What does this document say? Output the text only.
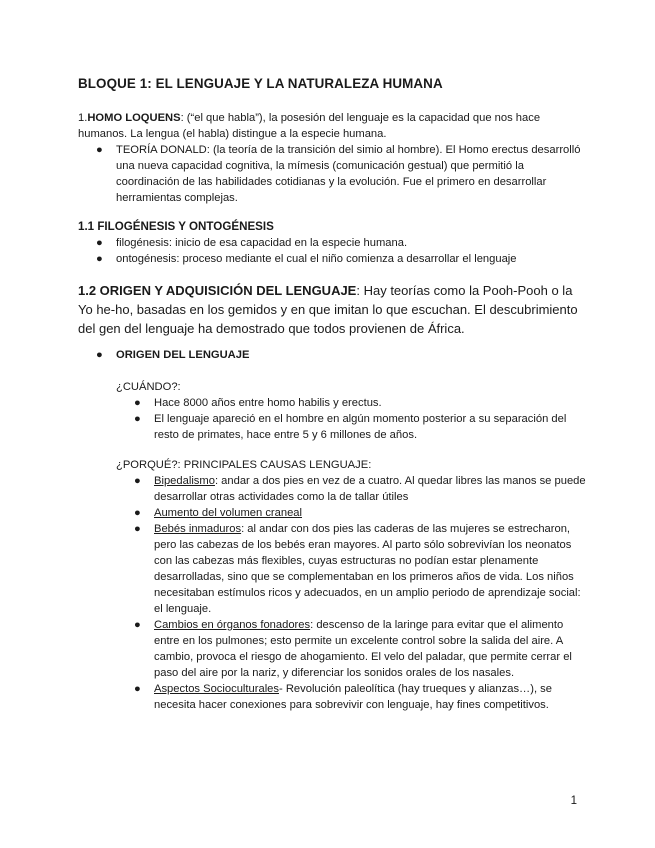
BLOQUE 1: EL LENGUAJE Y LA NATURALEZA HUMANA
1.HOMO LOQUENS: (“el que habla”), la posesión del lenguaje es la capacidad que nos hace humanos. La lengua (el habla) distingue a la especie humana.
● TEORÍA DONALD: (la teoría de la transición del simio al hombre). El Homo erectus desarrolló una nueva capacidad cognitiva, la mímesis (comunicación gestual) que permitió la coordinación de las habilidades cotidianas y la evolución. Fue el primero en desarrollar herramientas complejas.
1.1 FILOGÉNESIS Y ONTOGÉNESIS
● filogénesis: inicio de esa capacidad en la especie humana.
● ontogénesis: proceso mediante el cual el niño comienza a desarrollar el lenguaje
1.2 ORIGEN Y ADQUISICIÓN DEL LENGUAJE: Hay teorías como la Pooh-Pooh o la Yo he-ho, basadas en los gemidos y en que imitan lo que escuchan. El descubrimiento del gen del lenguaje ha demostrado que todos provienen de África.
● ORIGEN DEL LENGUAJE
¿CUÁNDO?:
● Hace 8000 años entre homo habilis y erectus.
● El lenguaje apareció en el hombre en algún momento posterior a su separación del resto de primates, hace entre 5 y 6 millones de años.
¿PORQUÉ?: PRINCIPALES CAUSAS LENGUAJE:
● Bipedalismo: andar a dos pies en vez de a cuatro. Al quedar libres las manos se puede desarrollar otras actividades como la de tallar útiles
● Aumento del volumen craneal
● Bebés inmaduros: al andar con dos pies las caderas de las mujeres se estrecharon, pero las cabezas de los bebés eran mayores. Al parto sólo sobrevivían los neonatos con las cabezas más flexibles, cuyas estructuras no podían estar plenamente desarrolladas, sino que se complementaban en los primeros años de vida. Los niños necesitaban estímulos ricos y adecuados, en un amplio periodo de aprendizaje social: el lenguaje.
● Cambios en órganos fonadores: descenso de la laringe para evitar que el alimento entre en los pulmones; esto permite un excelente control sobre la salida del aire. A cambio, provoca el riesgo de ahogamiento. El velo del paladar, que permite cerrar el paso del aire por la nariz, y diferenciar los sonidos orales de los nasales.
● Aspectos Socioculturales- Revolución paleolítica (hay trueques y alianzas…), se necesita hacer conexiones para sobrevivir con lenguaje, hay fines competitivos.
1
